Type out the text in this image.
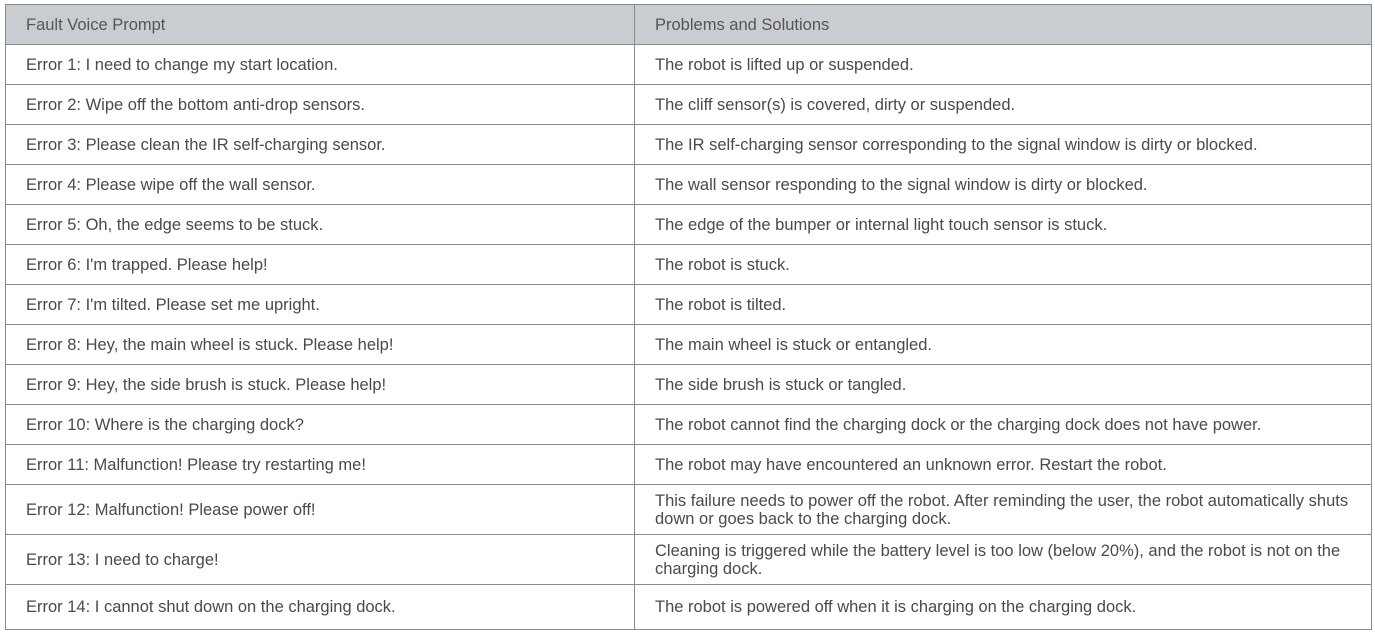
Fault Voice Prompt	Problems and Solutions
Error 1: I need to change my start location.	The robot is lifted up or suspended.
Error 2: Wipe off the bottom anti-drop sensors.	The cliff sensor(s) is covered, dirty or suspended.
Error 3: Please clean the IR self-charging sensor.	The IR self-charging sensor corresponding to the signal window is dirty or blocked.
Error 4: Please wipe off the wall sensor.	The wall sensor responding to the signal window is dirty or blocked.
Error 5: Oh, the edge seems to be stuck.	The edge of the bumper or internal light touch sensor is stuck.
Error 6: I'm trapped. Please help!	The robot is stuck.
Error 7: I'm tilted. Please set me upright.	The robot is tilted.
Error 8: Hey, the main wheel is stuck. Please help!	The main wheel is stuck or entangled.
Error 9: Hey, the side brush is stuck. Please help!	The side brush is stuck or tangled.
Error 10: Where is the charging dock?	The robot cannot find the charging dock or the charging dock does not have power.
Error 11: Malfunction! Please try restarting me!	The robot may have encountered an unknown error. Restart the robot.
Error 12: Malfunction! Please power off!	This failure needs to power off the robot. After reminding the user, the robot automatically shuts down or goes back to the charging dock.
Error 13: I need to charge!	Cleaning is triggered while the battery level is too low (below 20%), and the robot is not on the charging dock.
Error 14: I cannot shut down on the charging dock.	The robot is powered off when it is charging on the charging dock.
